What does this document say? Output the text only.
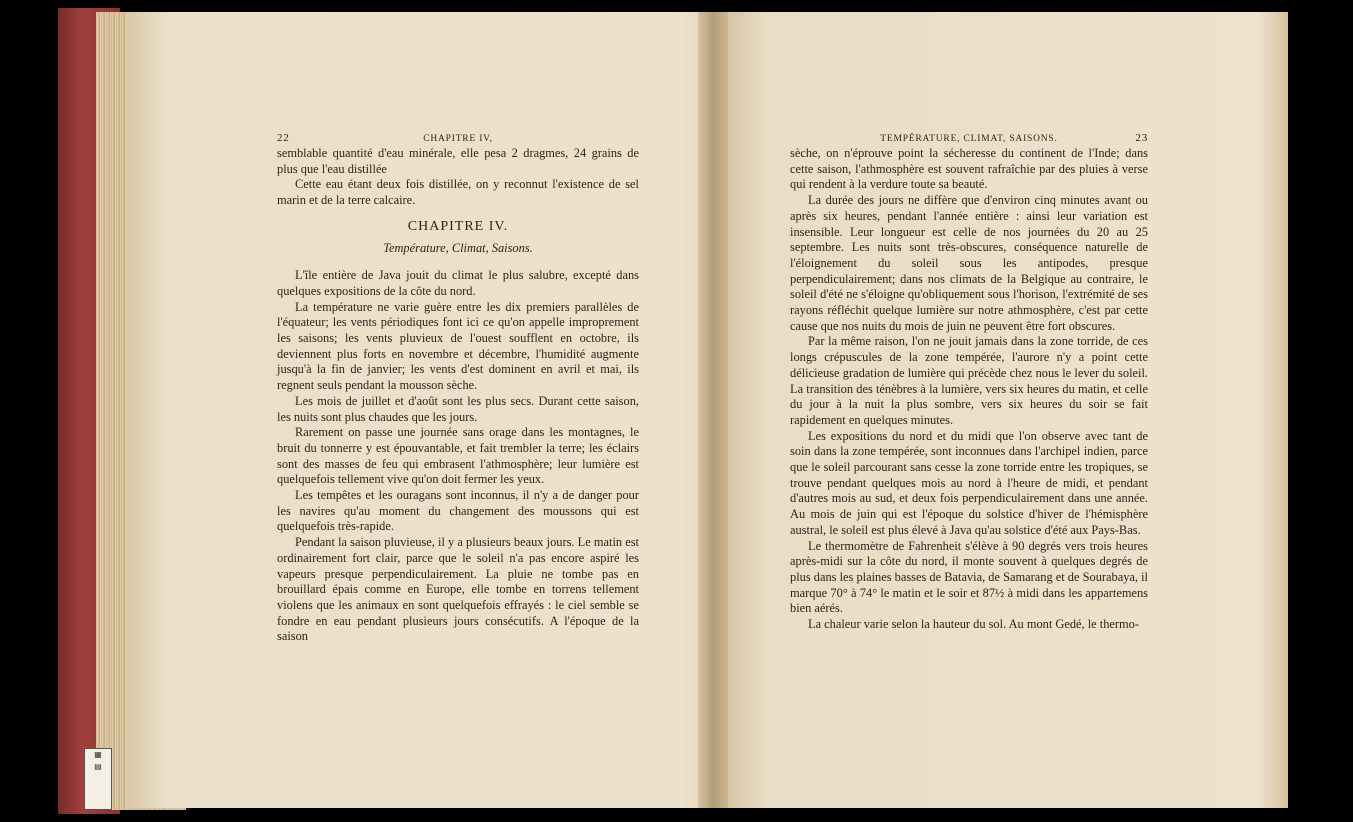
▦
▤
22	CHAPITRE IV,

semblable quantité d'eau minérale, elle pesa 2 dragmes, 24 grains de plus que l'eau distillée

Cette eau étant deux fois distillée, on y reconnut l'existence de sel marin et de la terre calcaire.

CHAPITRE IV.
Température, Climat, Saisons.

L'île entière de Java jouit du climat le plus salubre, excepté dans quelques expositions de la côte du nord.

La température ne varie guère entre les dix premiers parallèles de l'équateur; les vents périodiques font ici ce qu'on appelle improprement les saisons; les vents pluvieux de l'ouest soufflent en octobre, ils deviennent plus forts en novembre et décembre, l'humidité augmente jusqu'à la fin de janvier; les vents d'est dominent en avril et mai, ils regnent seuls pendant la mousson sèche.

Les mois de juillet et d'août sont les plus secs. Durant cette saison, les nuits sont plus chaudes que les jours.

Rarement on passe une journée sans orage dans les montagnes, le bruit du tonnerre y est épouvantable, et fait trembler la terre; les éclairs sont des masses de feu qui embrasent l'athmosphère; leur lumière est quelquefois tellement vive qu'on doit fermer les yeux.

Les tempêtes et les ouragans sont inconnus, il n'y a de danger pour les navires qu'au moment du changement des moussons qui est quelquefois très-rapide.

Pendant la saison pluvieuse, il y a plusieurs beaux jours. Le matin est ordinairement fort clair, parce que le soleil n'a pas encore aspiré les vapeurs presque perpendiculairement. La pluie ne tombe pas en brouillard épais comme en Europe, elle tombe en torrens tellement violens que les animaux en sont quelquefois effrayés : le ciel semble se fondre en eau pendant plusieurs jours consécutifs. A l'époque de la saison

TEMPÉRATURE, CLIMAT, SAISONS.	23

sèche, on n'éprouve point la sécheresse du continent de l'Inde; dans cette saison, l'athmosphère est souvent rafraîchie par des pluies à verse qui rendent à la verdure toute sa beauté.

La durée des jours ne diffère que d'environ cinq minutes avant ou après six heures, pendant l'année entière : ainsi leur variation est insensible. Leur longueur est celle de nos journées du 20 au 25 septembre. Les nuits sont très-obscures, conséquence naturelle de l'éloignement du soleil sous les antipodes, presque perpendiculairement; dans nos climats de la Belgique au contraire, le soleil d'été ne s'éloigne qu'obliquement sous l'horison, l'extrémité de ses rayons réfléchit quelque lumière sur notre athmosphère, c'est par cette cause que nos nuits du mois de juin ne peuvent être fort obscures.

Par la même raison, l'on ne jouit jamais dans la zone torride, de ces longs crépuscules de la zone tempérée, l'aurore n'y a point cette délicieuse gradation de lumière qui précède chez nous le lever du soleil. La transition des ténèbres à la lumière, vers six heures du matin, et celle du jour à la nuit la plus sombre, vers six heures du soir se fait rapidement en quelques minutes.

Les expositions du nord et du midi que l'on observe avec tant de soin dans la zone tempérée, sont inconnues dans l'archipel indien, parce que le soleil parcourant sans cesse la zone torride entre les tropiques, se trouve pendant quelques mois au nord à l'heure de midi, et pendant d'autres mois au sud, et deux fois perpendiculairement dans une année. Au mois de juin qui est l'époque du solstice d'hiver de l'hémisphère austral, le soleil est plus élevé à Java qu'au solstice d'été aux Pays-Bas.

Le thermomètre de Fahrenheit s'élève à 90 degrés vers trois heures après-midi sur la côte du nord, il monte souvent à quelques degrés de plus dans les plaines basses de Batavia, de Samarang et de Sourabaya, il marque 70° à 74° le matin et le soir et 87½ à midi dans les appartemens bien aérés.

La chaleur varie selon la hauteur du sol. Au mont Gedé, le thermo-
